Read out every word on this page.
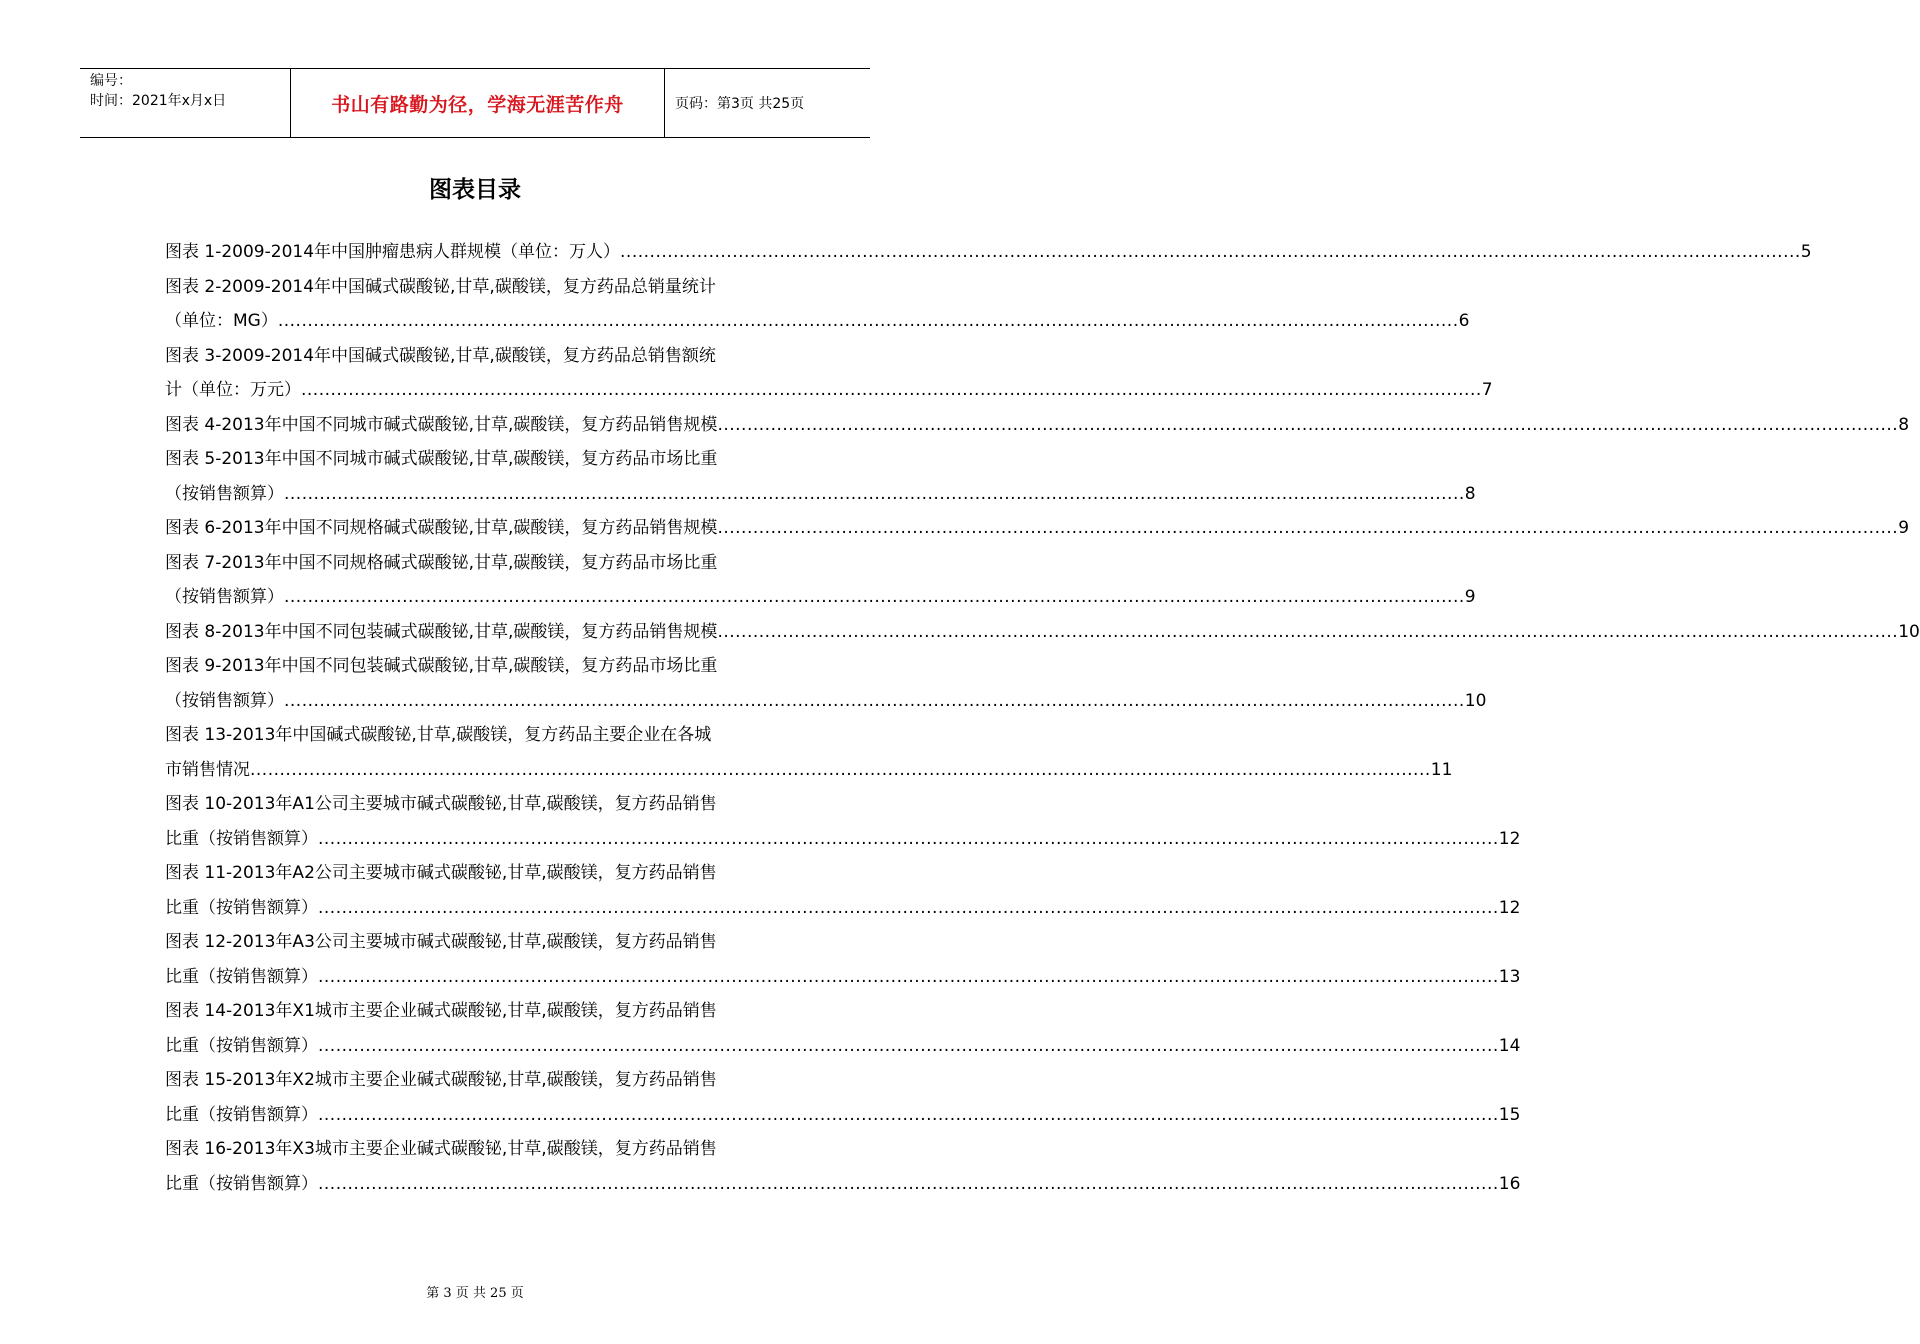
编号：
时间：2021年x月x日	书山有路勤为径，学海无涯苦作舟	页码：第3页 共25页
图表目录
图表 1-2009-2014年中国肿瘤患病人群规模（单位：万人） ........................................................................................................................................................................................................ 5
图表 2-2009-2014年中国碱式碳酸铋,甘草,碳酸镁，复方药品总销量统计
（单位：MG） ........................................................................................................................................................................................................ 6
图表 3-2009-2014年中国碱式碳酸铋,甘草,碳酸镁，复方药品总销售额统
计（单位：万元） ........................................................................................................................................................................................................ 7
图表 4-2013年中国不同城市碱式碳酸铋,甘草,碳酸镁，复方药品销售规模 ........................................................................................................................................................................................................ 8
图表 5-2013年中国不同城市碱式碳酸铋,甘草,碳酸镁，复方药品市场比重
（按销售额算） ........................................................................................................................................................................................................ 8
图表 6-2013年中国不同规格碱式碳酸铋,甘草,碳酸镁，复方药品销售规模 ........................................................................................................................................................................................................ 9
图表 7-2013年中国不同规格碱式碳酸铋,甘草,碳酸镁，复方药品市场比重
（按销售额算） ........................................................................................................................................................................................................ 9
图表 8-2013年中国不同包装碱式碳酸铋,甘草,碳酸镁，复方药品销售规模 ........................................................................................................................................................................................................ 10
图表 9-2013年中国不同包装碱式碳酸铋,甘草,碳酸镁，复方药品市场比重
（按销售额算） ........................................................................................................................................................................................................ 10
图表 13-2013年中国碱式碳酸铋,甘草,碳酸镁，复方药品主要企业在各城
市销售情况 ........................................................................................................................................................................................................ 11
图表 10-2013年A1公司主要城市碱式碳酸铋,甘草,碳酸镁，复方药品销售
比重（按销售额算） ........................................................................................................................................................................................................ 12
图表 11-2013年A2公司主要城市碱式碳酸铋,甘草,碳酸镁，复方药品销售
比重（按销售额算） ........................................................................................................................................................................................................ 12
图表 12-2013年A3公司主要城市碱式碳酸铋,甘草,碳酸镁，复方药品销售
比重（按销售额算） ........................................................................................................................................................................................................ 13
图表 14-2013年X1城市主要企业碱式碳酸铋,甘草,碳酸镁，复方药品销售
比重（按销售额算） ........................................................................................................................................................................................................ 14
图表 15-2013年X2城市主要企业碱式碳酸铋,甘草,碳酸镁，复方药品销售
比重（按销售额算） ........................................................................................................................................................................................................ 15
图表 16-2013年X3城市主要企业碱式碳酸铋,甘草,碳酸镁，复方药品销售
比重（按销售额算） ........................................................................................................................................................................................................ 16
第 3 页 共 25 页
